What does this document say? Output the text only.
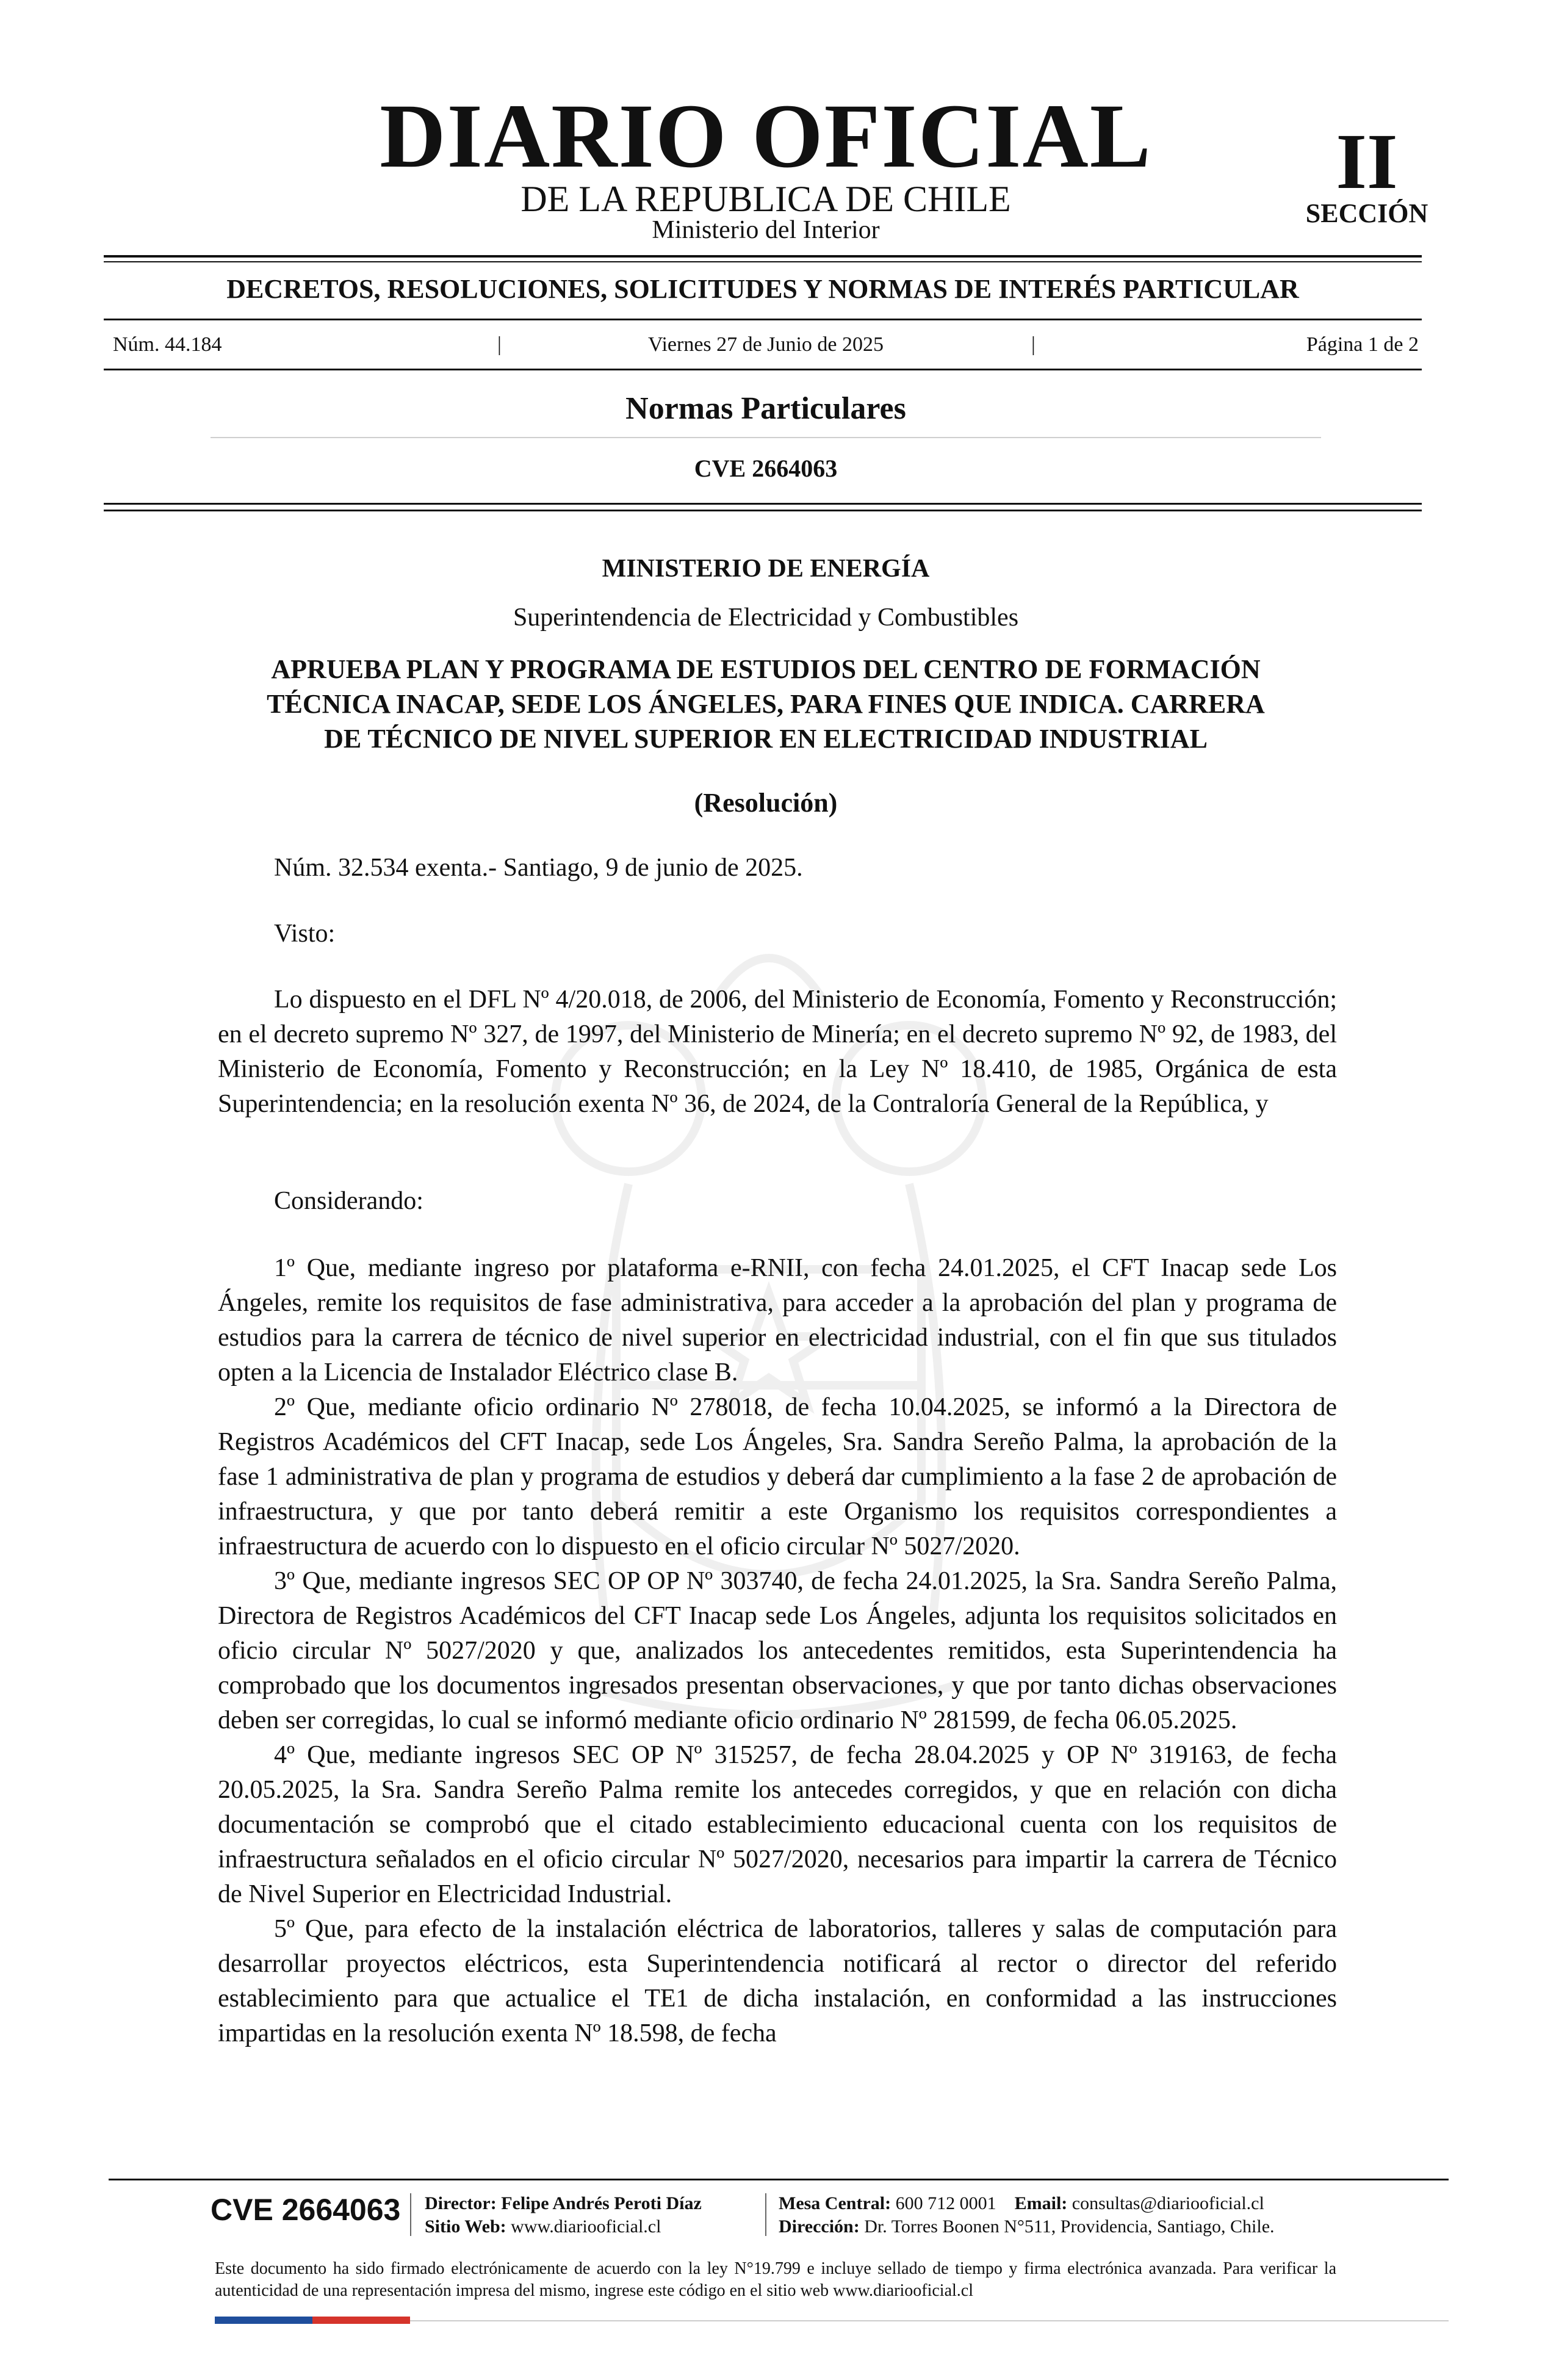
DIARIO OFICIAL
DE LA REPUBLICA DE CHILE
Ministerio del Interior
II
SECCIÓN
DECRETOS, RESOLUCIONES, SOLICITUDES Y NORMAS DE INTERÉS PARTICULAR
Núm. 44.184	|	Viernes 27 de Junio de 2025	|	Página 1 de 2
Normas Particulares
CVE 2664063
MINISTERIO DE ENERGÍA
Superintendencia de Electricidad y Combustibles
APRUEBA PLAN Y PROGRAMA DE ESTUDIOS DEL CENTRO DE FORMACIÓN
TÉCNICA INACAP, SEDE LOS ÁNGELES, PARA FINES QUE INDICA. CARRERA
DE TÉCNICO DE NIVEL SUPERIOR EN ELECTRICIDAD INDUSTRIAL
(Resolución)
Núm. 32.534 exenta.- Santiago, 9 de junio de 2025.
Visto:

Lo dispuesto en el DFL Nº 4/20.018, de 2006, del Ministerio de Economía, Fomento y Reconstrucción; en el decreto supremo Nº 327, de 1997, del Ministerio de Minería; en el decreto supremo Nº 92, de 1983, del Ministerio de Economía, Fomento y Reconstrucción; en la Ley Nº 18.410, de 1985, Orgánica de esta Superintendencia; en la resolución exenta Nº 36, de 2024, de la Contraloría General de la República, y

Considerando:

1º Que, mediante ingreso por plataforma e-RNII, con fecha 24.01.2025, el CFT Inacap sede Los Ángeles, remite los requisitos de fase administrativa, para acceder a la aprobación del plan y programa de estudios para la carrera de técnico de nivel superior en electricidad industrial, con el fin que sus titulados opten a la Licencia de Instalador Eléctrico clase B.

2º Que, mediante oficio ordinario Nº 278018, de fecha 10.04.2025, se informó a la Directora de Registros Académicos del CFT Inacap, sede Los Ángeles, Sra. Sandra Sereño Palma, la aprobación de la fase 1 administrativa de plan y programa de estudios y deberá dar cumplimiento a la fase 2 de aprobación de infraestructura, y que por tanto deberá remitir a este Organismo los requisitos correspondientes a infraestructura de acuerdo con lo dispuesto en el oficio circular Nº 5027/2020.

3º Que, mediante ingresos SEC OP OP Nº 303740, de fecha 24.01.2025, la Sra. Sandra Sereño Palma, Directora de Registros Académicos del CFT Inacap sede Los Ángeles, adjunta los requisitos solicitados en oficio circular Nº 5027/2020 y que, analizados los antecedentes remitidos, esta Superintendencia ha comprobado que los documentos ingresados presentan observaciones, y que por tanto dichas observaciones deben ser corregidas, lo cual se informó mediante oficio ordinario Nº 281599, de fecha 06.05.2025.

4º Que, mediante ingresos SEC OP Nº 315257, de fecha 28.04.2025 y OP Nº 319163, de fecha 20.05.2025, la Sra. Sandra Sereño Palma remite los antecedes corregidos, y que en relación con dicha documentación se comprobó que el citado establecimiento educacional cuenta con los requisitos de infraestructura señalados en el oficio circular Nº 5027/2020, necesarios para impartir la carrera de Técnico de Nivel Superior en Electricidad Industrial.

5º Que, para efecto de la instalación eléctrica de laboratorios, talleres y salas de computación para desarrollar proyectos eléctricos, esta Superintendencia notificará al rector o director del referido establecimiento para que actualice el TE1 de dicha instalación, en conformidad a las instrucciones impartidas en la resolución exenta Nº 18.598, de fecha

CVE 2664063 Director: Felipe Andrés Peroti Díaz
Sitio Web: www.diariooficial.cl
Mesa Central: 600 712 0001 Email: consultas@diariooficial.cl
Dirección: Dr. Torres Boonen N°511, Providencia, Santiago, Chile.
Este documento ha sido firmado electrónicamente de acuerdo con la ley N°19.799 e incluye sellado de tiempo y firma electrónica avanzada. Para verificar la autenticidad de una representación impresa del mismo, ingrese este código en el sitio web www.diariooficial.cl
